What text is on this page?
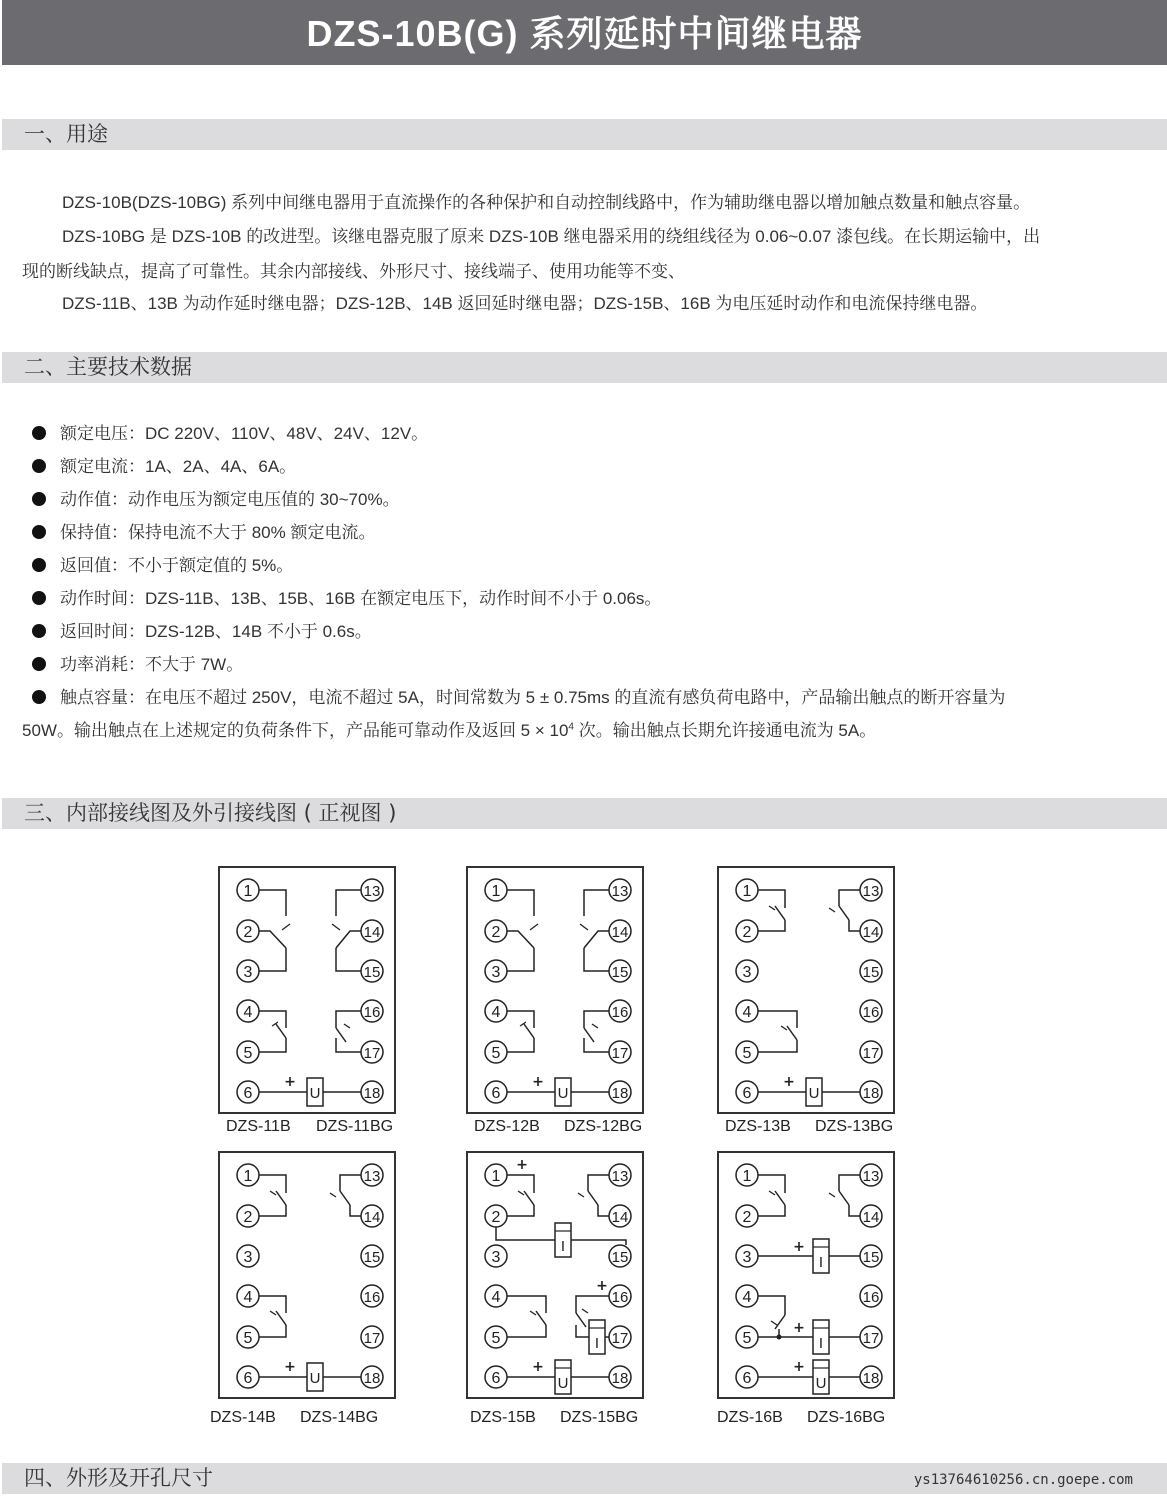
DZS-10B(G) 系列延时中间继电器
一、用途
DZS-10B(DZS-10BG) 系列中间继电器用于直流操作的各种保护和自动控制线路中，作为辅助继电器以增加触点数量和触点容量。
DZS-10BG 是 DZS-10B 的改进型。该继电器克服了原来 DZS-10B 继电器采用的绕组线径为 0.06~0.07 漆包线。在长期运输中，出
现的断线缺点，提高了可靠性。其余内部接线、外形尺寸、接线端子、使用功能等不变、
DZS-11B、13B 为动作延时继电器；DZS-12B、14B 返回延时继电器；DZS-15B、16B 为电压延时动作和电流保持继电器。
二、主要技术数据
额定电压：DC 220V、110V、48V、24V、12V。
额定电流：1A、2A、4A、6A。
动作值：动作电压为额定电压值的 30~70%。
保持值：保持电流不大于 80% 额定电流。
返回值：不小于额定值的 5%。
动作时间：DZS-11B、13B、15B、16B 在额定电压下，动作时间不小于 0.06s。
返回时间：DZS-12B、14B 不小于 0.6s。
功率消耗：不大于 7W。
触点容量：在电压不超过 250V，电流不超过 5A，时间常数为 5 ± 0.75ms 的直流有感负荷电路中，产品输出触点的断开容量为
50W。输出触点在上述规定的负荷条件下，产品能可靠动作及返回 $5 \times 10^4$ 次。输出触点长期允许接通电流为 5A。
三、内部接线图及外引接线图 ( 正视图 )
1	13
2	14
3	15
4	16
5	17
6	18
U
+
DZS-11B DZS-11BG
1	13
2	14
3	15
4	16
5	17
6	18
U
+
DZS-12B DZS-12BG
1	13
2	14
3	15
4	16
5	17
6	18
U
+
DZS-13B DZS-13BG
1	13
2	14
3	15
4	16
5	17
6	18
U
+
DZS-14B DZS-14BG
1	13
2	14
3	15
4	16
5	17
6	18
I
+
I
+
U
+
DZS-15B DZS-15BG
1	13
2	14
3	15
4	16
5	17
6	18
I
+
I
+
U
+
DZS-16B DZS-16BG
四、外形及开孔尺寸	ys13764610256.cn.goepe.com
